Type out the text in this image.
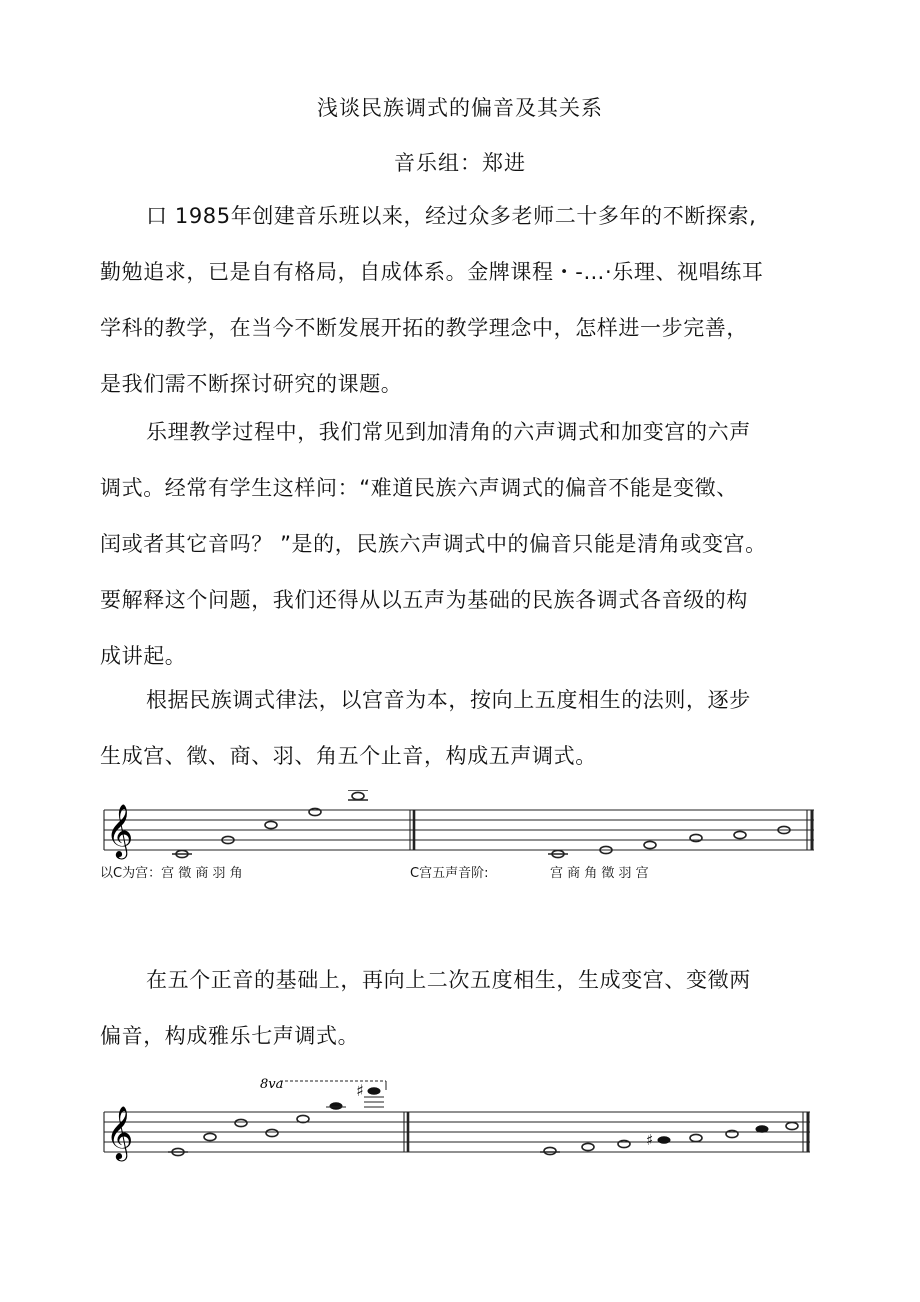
浅谈民族调式的偏音及其关系
音乐组：郑进

口 1985年创建音乐班以来，经过众多老师二十多年的不断探索,
勤勉追求，已是自有格局，自成体系。金牌课程・-…·乐理、视唱练耳
学科的教学，在当今不断发展开拓的教学理念中，怎样进一步完善，
是我们需不断探讨研究的课题。

乐理教学过程中，我们常见到加清角的六声调式和加变宫的六声
调式。经常有学生这样问：“难道民族六声调式的偏音不能是变徵、
闰或者其它音吗？ ”是的，民族六声调式中的偏音只能是清角或变宫。
要解释这个问题，我们还得从以五声为基础的民族各调式各音级的构
成讲起。

根据民族调式律法，以宫音为本，按向上五度相生的法则，逐步
生成宫、徵、商、羽、角五个止音，构成五声调式。

𝄞
以C为宫：宫 徵 商 羽 角	C宫五声音阶:	宫 商 角 徵 羽 宫

在五个正音的基础上，再向上二次五度相生，生成变宫、变徵两
偏音，构成雅乐七声调式。

8va
𝄞
♯
♯
